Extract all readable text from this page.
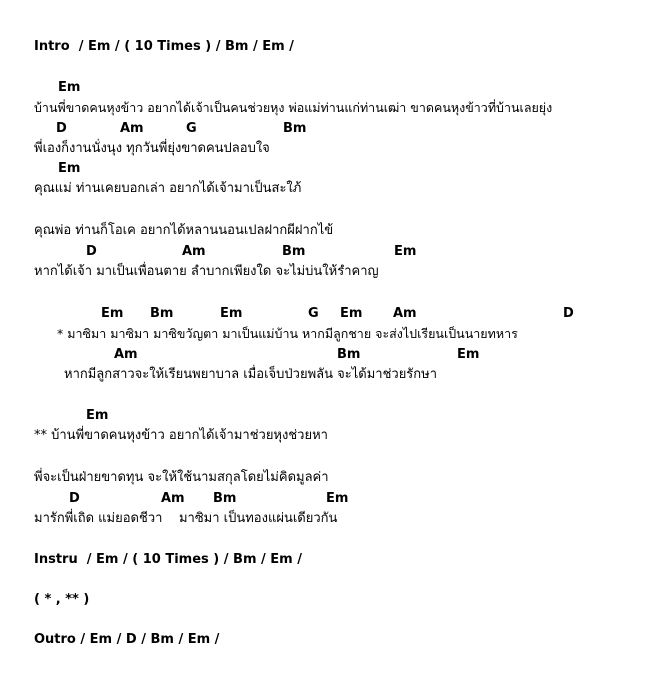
Intro  / Em / ( 10 Times ) / Bm / Em /
Em
บ้านพี่ขาดคนหุงข้าว อยากได้เจ้าเป็นคนช่วยหุง พ่อแม่ท่านแก่ท่านเฒ่า ขาดคนหุงข้าวที่บ้านเลยยุ่ง
D	Am	G	Bm
พี่เองก็งานนั่งนุง ทุกวันพี่ยุ่งขาดคนปลอบใจ
Em
คุณแม่ ท่านเคยบอกเล่า อยากได้เจ้ามาเป็นสะใภ้
คุณพ่อ ท่านก็โอเค อยากได้หลานนอนเปลฝากผีฝากไข้
D	Am	Bm	Em
หากได้เจ้า มาเป็นเพื่อนตาย ลำบากเพียงใด จะไม่บ่นให้รำคาญ
Em Bm	Em	G Em Am	D
* มาซิมา มาซิมา มาซิขวัญตา มาเป็นแม่บ้าน หากมีลูกชาย จะส่งไปเรียนเป็นนายทหาร
Am	Bm	Em
หากมีลูกสาวจะให้เรียนพยาบาล เมื่อเจ็บป่วยพลัน จะได้มาช่วยรักษา
Em
** บ้านพี่ขาดคนหุงข้าว อยากได้เจ้ามาช่วยหุงช่วยหา
พี่จะเป็นฝ่ายขาดทุน จะให้ใช้นามสกุลโดยไม่คิดมูลค่า
D	Am Bm	Em
มารักพี่เถิด แม่ยอดชีวา    มาซิมา เป็นทองแผ่นเดียวกัน
Instru  / Em / ( 10 Times ) / Bm / Em /
( * , ** )
Outro / Em / D / Bm / Em /
